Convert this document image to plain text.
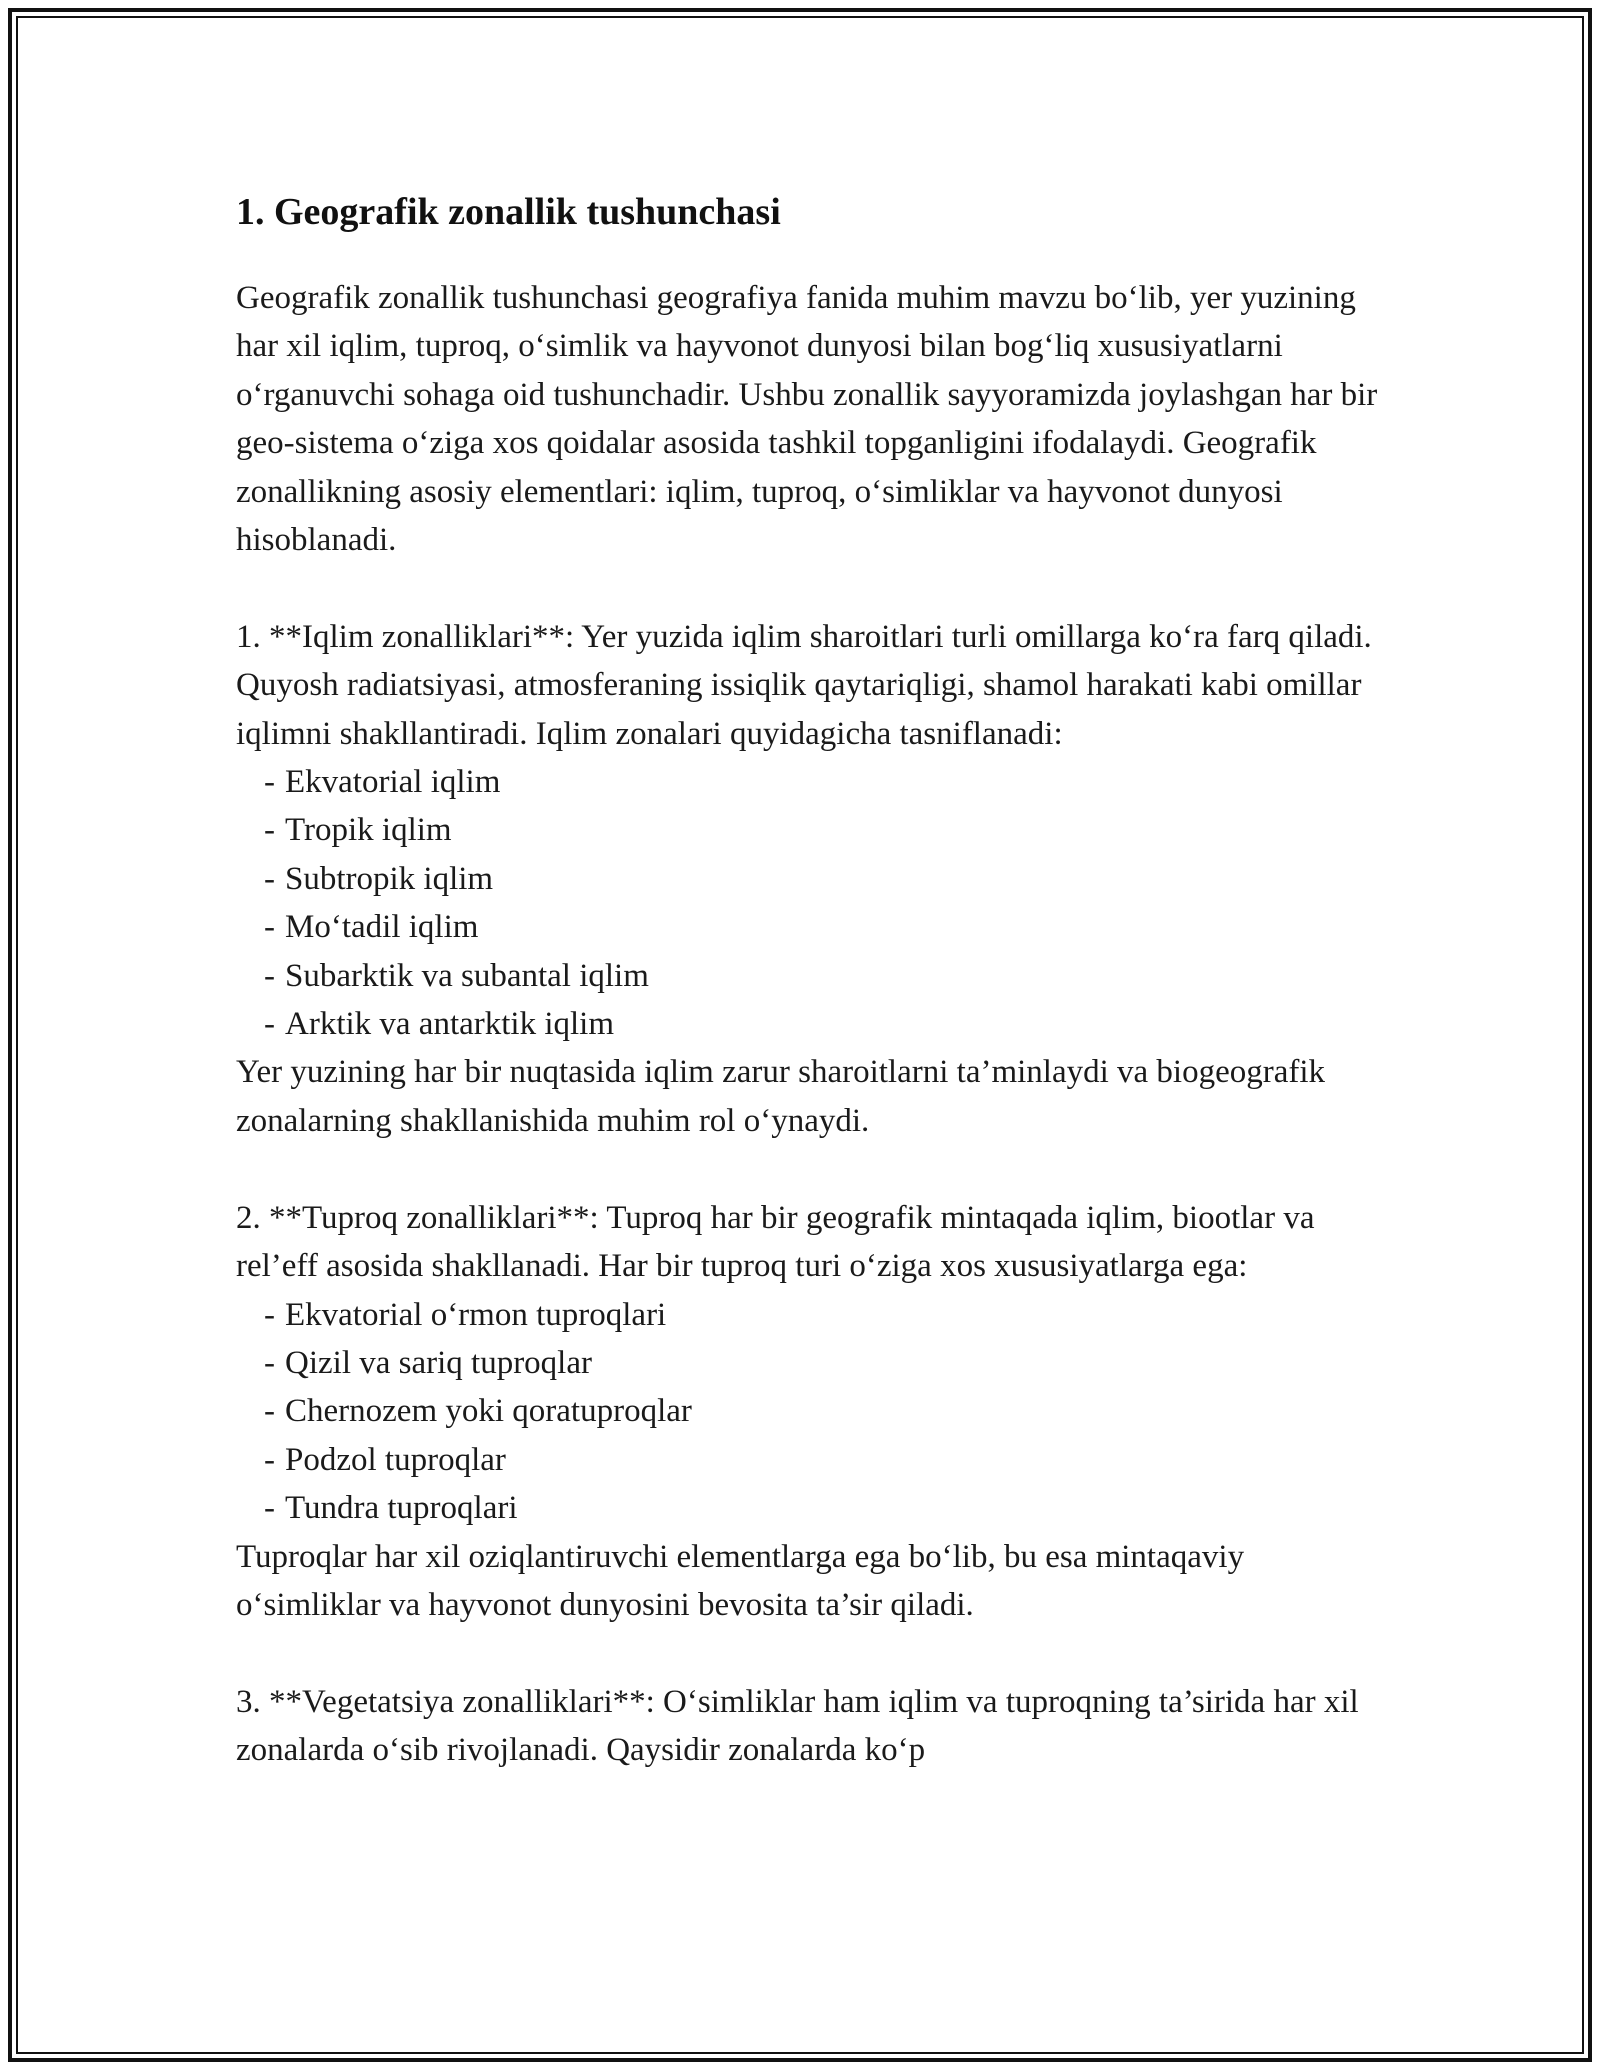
1. Geografik zonallik tushunchasi

Geografik zonallik tushunchasi geografiya fanida muhim mavzu bo‘lib, yer yuzining har xil iqlim, tuproq, o‘simlik va hayvonot dunyosi bilan bog‘liq xususiyatlarni o‘rganuvchi sohaga oid tushunchadir. Ushbu zonallik sayyoramizda joylashgan har bir geo-sistema o‘ziga xos qoidalar asosida tashkil topganligini ifodalaydi. Geografik zonallikning asosiy elementlari: iqlim, tuproq, o‘simliklar va hayvonot dunyosi hisoblanadi.

1. **Iqlim zonalliklari**: Yer yuzida iqlim sharoitlari turli omillarga ko‘ra farq qiladi. Quyosh radiatsiyasi, atmosferaning issiqlik qaytariqligi, shamol harakati kabi omillar iqlimni shakllantiradi. Iqlim zonalari quyidagicha tasniflanadi:

- Ekvatorial iqlim
- Tropik iqlim
- Subtropik iqlim
- Mo‘tadil iqlim
- Subarktik va subantal iqlim
- Arktik va antarktik iqlim

Yer yuzining har bir nuqtasida iqlim zarur sharoitlarni ta’minlaydi va biogeografik zonalarning shakllanishida muhim rol o‘ynaydi.

2. **Tuproq zonalliklari**: Tuproq har bir geografik mintaqada iqlim, biootlar va rel’eff asosida shakllanadi. Har bir tuproq turi o‘ziga xos xususiyatlarga ega:

- Ekvatorial o‘rmon tuproqlari
- Qizil va sariq tuproqlar
- Chernozem yoki qoratuproqlar
- Podzol tuproqlar
- Tundra tuproqlari

Tuproqlar har xil oziqlantiruvchi elementlarga ega bo‘lib, bu esa mintaqaviy o‘simliklar va hayvonot dunyosini bevosita ta’sir qiladi.

3. **Vegetatsiya zonalliklari**: O‘simliklar ham iqlim va tuproqning ta’sirida har xil zonalarda o‘sib rivojlanadi. Qaysidir zonalarda ko‘p
